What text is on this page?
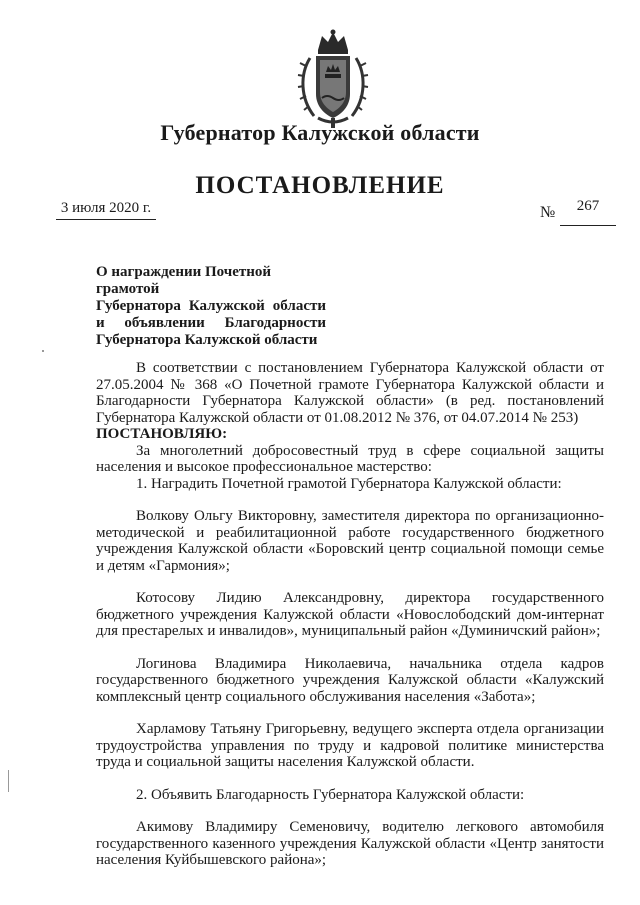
Губернатор Калужской области
ПОСТАНОВЛЕНИЕ
3 июля 2020 г.	№	267
О награждении Почетной грамотой
Губернатора Калужской области
и объявлении Благодарности
Губернатора Калужской области

В соответствии с постановлением Губернатора Калужской области от 27.05.2004 № 368 «О Почетной грамоте Губернатора Калужской области и Благодарности Губернатора Калужской области» (в ред. постановлений Губернатора Калужской области от 01.08.2012 № 376, от 04.07.2014 № 253)

ПОСТАНОВЛЯЮ:

За многолетний добросовестный труд в сфере социальной защиты населения и высокое профессиональное мастерство:

1. Наградить Почетной грамотой Губернатора Калужской области:

Волкову Ольгу Викторовну, заместителя директора по организационно-методической и реабилитационной работе государственного бюджетного учреждения Калужской области «Боровский центр социальной помощи семье и детям «Гармония»;

Котосову Лидию Александровну, директора государственного бюджетного учреждения Калужской области «Новослободский дом-интернат для престарелых и инвалидов», муниципальный район «Думиничский район»;

Логинова Владимира Николаевича, начальника отдела кадров государственного бюджетного учреждения Калужской области «Калужский комплексный центр социального обслуживания населения «Забота»;

Харламову Татьяну Григорьевну, ведущего эксперта отдела организации трудоустройства управления по труду и кадровой политике министерства труда и социальной защиты населения Калужской области.

2. Объявить Благодарность Губернатора Калужской области:

Акимову Владимиру Семеновичу, водителю легкового автомобиля государственного казенного учреждения Калужской области «Центр занятости населения Куйбышевского района»;
